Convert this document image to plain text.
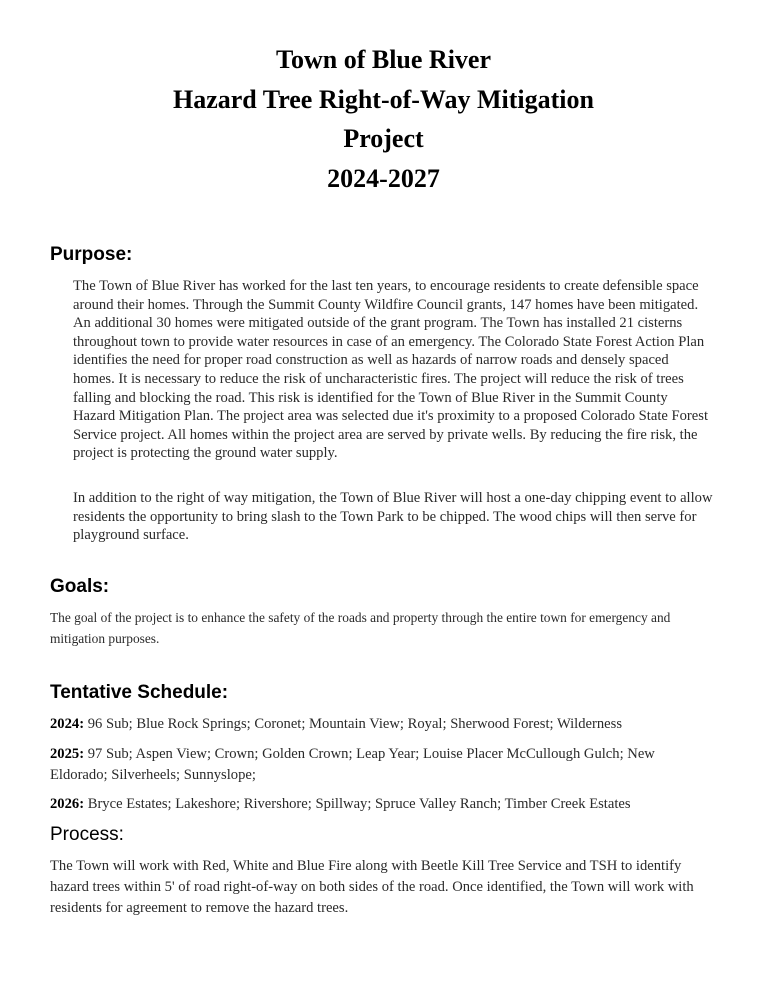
Town of Blue River
Hazard Tree Right-of-Way Mitigation
Project
2024-2027
Purpose:

The Town of Blue River has worked for the last ten years, to encourage residents to create defensible space around their homes. Through the Summit County Wildfire Council grants, 147 homes have been mitigated. An additional 30 homes were mitigated outside of the grant program. The Town has installed 21 cisterns throughout town to provide water resources in case of an emergency. The Colorado State Forest Action Plan identifies the need for proper road construction as well as hazards of narrow roads and densely spaced homes. It is necessary to reduce the risk of uncharacteristic fires. The project will reduce the risk of trees falling and blocking the road. This risk is identified for the Town of Blue River in the Summit County Hazard Mitigation Plan. The project area was selected due it's proximity to a proposed Colorado State Forest Service project. All homes within the project area are served by private wells. By reducing the fire risk, the project is protecting the ground water supply.

In addition to the right of way mitigation, the Town of Blue River will host a one-day chipping event to allow residents the opportunity to bring slash to the Town Park to be chipped. The wood chips will then serve for playground surface.

Goals:

The goal of the project is to enhance the safety of the roads and property through the entire town for emergency and mitigation purposes.

Tentative Schedule:

2024: 96 Sub; Blue Rock Springs; Coronet; Mountain View; Royal; Sherwood Forest; Wilderness

2025: 97 Sub; Aspen View; Crown; Golden Crown; Leap Year; Louise Placer McCullough Gulch; New Eldorado; Silverheels; Sunnyslope;

2026: Bryce Estates; Lakeshore; Rivershore; Spillway; Spruce Valley Ranch; Timber Creek Estates

Process:

The Town will work with Red, White and Blue Fire along with Beetle Kill Tree Service and TSH to identify hazard trees within 5' of road right-of-way on both sides of the road. Once identified, the Town will work with residents for agreement to remove the hazard trees.
